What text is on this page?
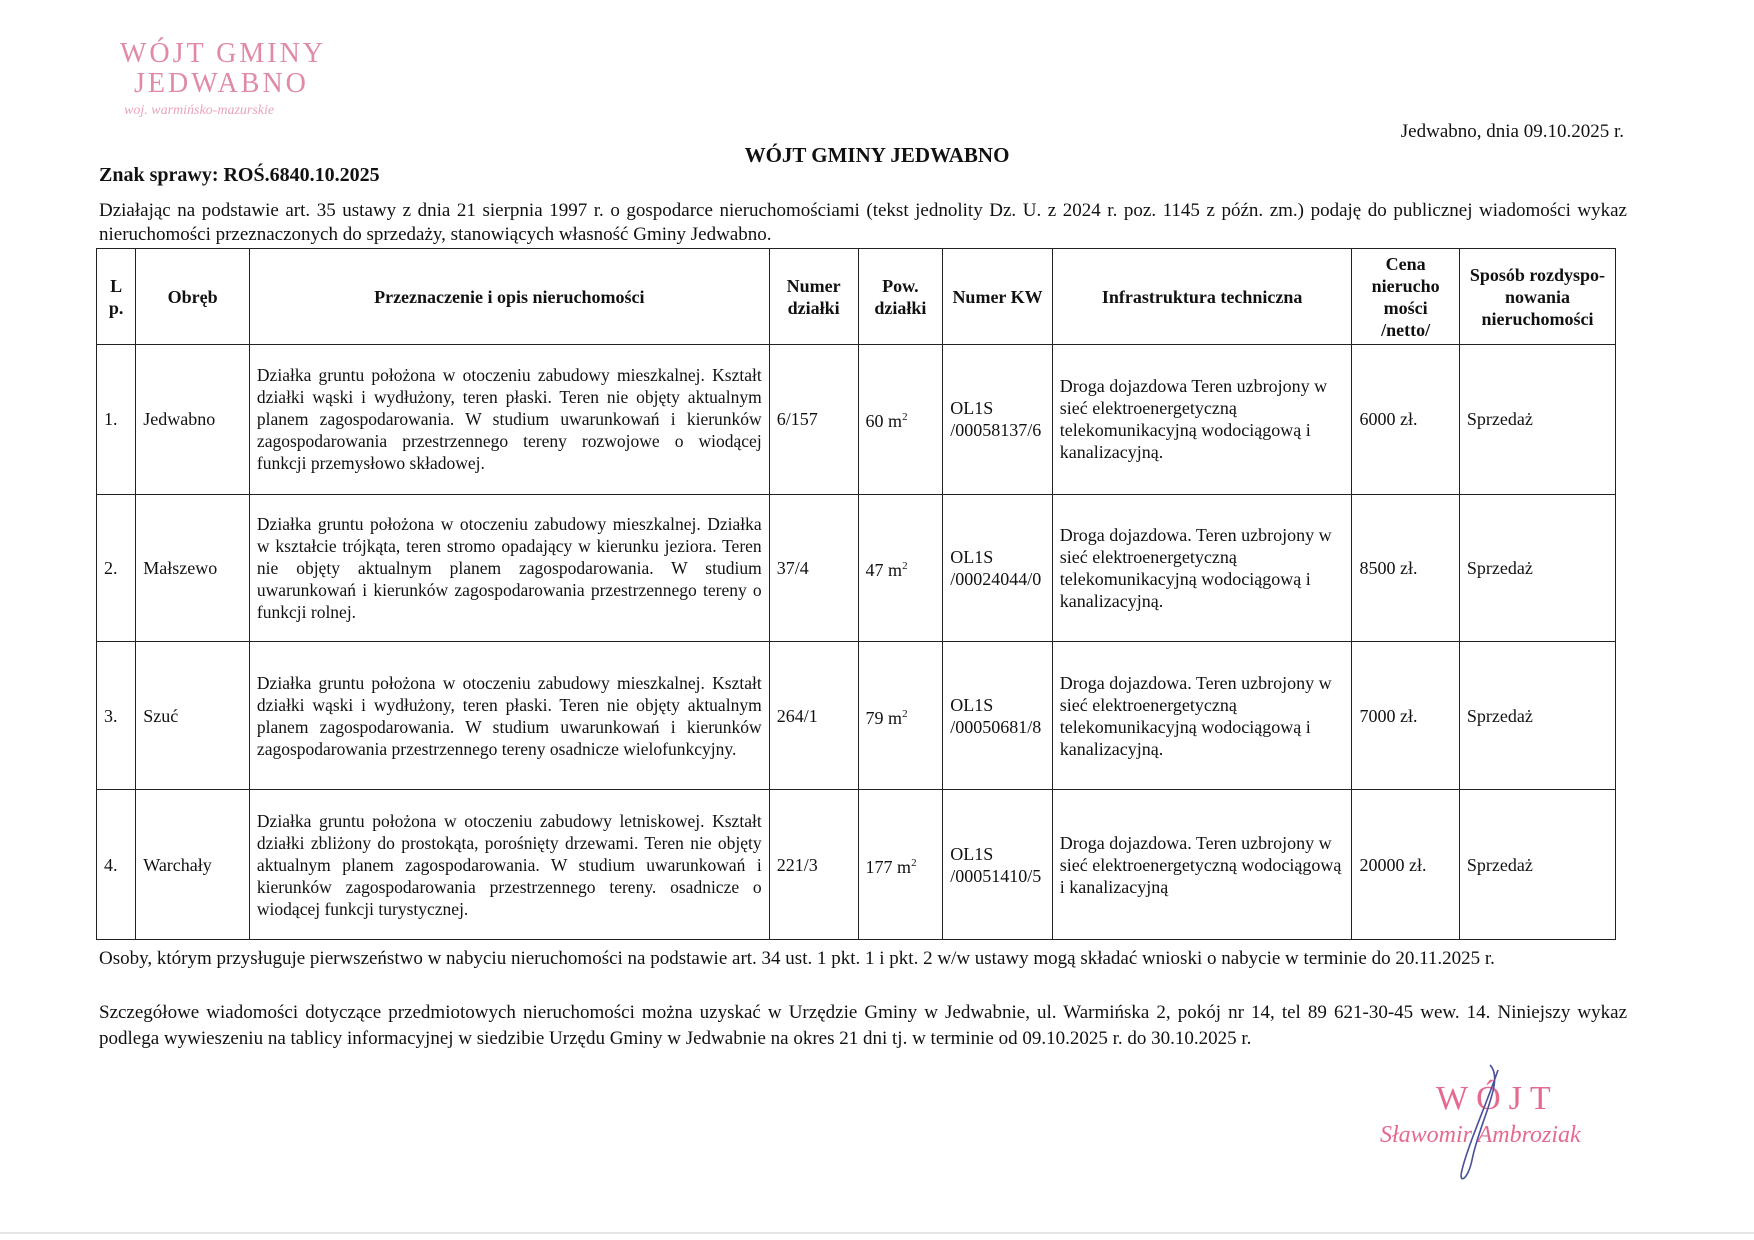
WÓJT GMINY
JEDWABNO
woj. warmińsko-mazurskie
Jedwabno, dnia 09.10.2025 r.
WÓJT GMINY JEDWABNO
Znak sprawy: ROŚ.6840.10.2025
Działając na podstawie art. 35 ustawy z dnia 21 sierpnia 1997 r. o gospodarce nieruchomościami (tekst jednolity Dz. U. z 2024 r. poz. 1145 z późn. zm.) podaję do publicznej wiadomości wykaz nieruchomości przeznaczonych do sprzedaży, stanowiących własność Gminy Jedwabno.
L p.	Obręb	Przeznaczenie i opis nieruchomości	Numer działki	Pow. działki	Numer KW	Infrastruktura techniczna	Cena nierucho mości /netto/	Sposób rozdyspo- nowania nieruchomości
1.	Jedwabno	Działka gruntu położona w otoczeniu zabudowy mieszkalnej. Kształt działki wąski i wydłużony, teren płaski. Teren nie objęty aktualnym planem zagospodarowania. W studium uwarunkowań i kierunków zagospodarowania przestrzennego tereny rozwojowe o wiodącej funkcji przemysłowo składowej.	6/157	60 $m^2$	OL1S /00058137/6	Droga dojazdowa Teren uzbrojony w sieć elektroenergetyczną telekomunikacyjną wodociągową i kanalizacyjną.	6000 zł.	Sprzedaż
2.	Małszewo	Działka gruntu położona w otoczeniu zabudowy mieszkalnej. Działka w kształcie trójkąta, teren stromo opadający w kierunku jeziora. Teren nie objęty aktualnym planem zagospodarowania. W studium uwarunkowań i kierunków zagospodarowania przestrzennego tereny o funkcji rolnej.	37/4	47 $m^2$	OL1S /00024044/0	Droga dojazdowa. Teren uzbrojony w sieć elektroenergetyczną telekomunikacyjną wodociągową i kanalizacyjną.	8500 zł.	Sprzedaż
3.	Szuć	Działka gruntu położona w otoczeniu zabudowy mieszkalnej. Kształt działki wąski i wydłużony, teren płaski. Teren nie objęty aktualnym planem zagospodarowania. W studium uwarunkowań i kierunków zagospodarowania przestrzennego tereny osadnicze wielofunkcyjny.	264/1	79 $m^2$	OL1S /00050681/8	Droga dojazdowa. Teren uzbrojony w sieć elektroenergetyczną telekomunikacyjną wodociągową i kanalizacyjną.	7000 zł.	Sprzedaż
4.	Warchały	Działka gruntu położona w otoczeniu zabudowy letniskowej. Kształt działki zbliżony do prostokąta, porośnięty drzewami. Teren nie objęty aktualnym planem zagospodarowania. W studium uwarunkowań i kierunków zagospodarowania przestrzennego tereny. osadnicze o wiodącej funkcji turystycznej.	221/3	177 $m^2$	OL1S /00051410/5	Droga dojazdowa. Teren uzbrojony w sieć elektroenergetyczną wodociągową i kanalizacyjną	20000 zł.	Sprzedaż
Osoby, którym przysługuje pierwszeństwo w nabyciu nieruchomości na podstawie art. 34 ust. 1 pkt. 1 i pkt. 2 w/w ustawy mogą składać wnioski o nabycie w terminie do 20.11.2025 r.
Szczegółowe wiadomości dotyczące przedmiotowych nieruchomości można uzyskać w Urzędzie Gminy w Jedwabnie, ul. Warmińska 2, pokój nr 14, tel 89 621-30-45 wew. 14. Niniejszy wykaz podlega wywieszeniu na tablicy informacyjnej w siedzibie Urzędu Gminy w Jedwabnie na okres 21 dni tj. w terminie od 09.10.2025 r. do 30.10.2025 r.
WÓJT
Sławomir Ambroziak
